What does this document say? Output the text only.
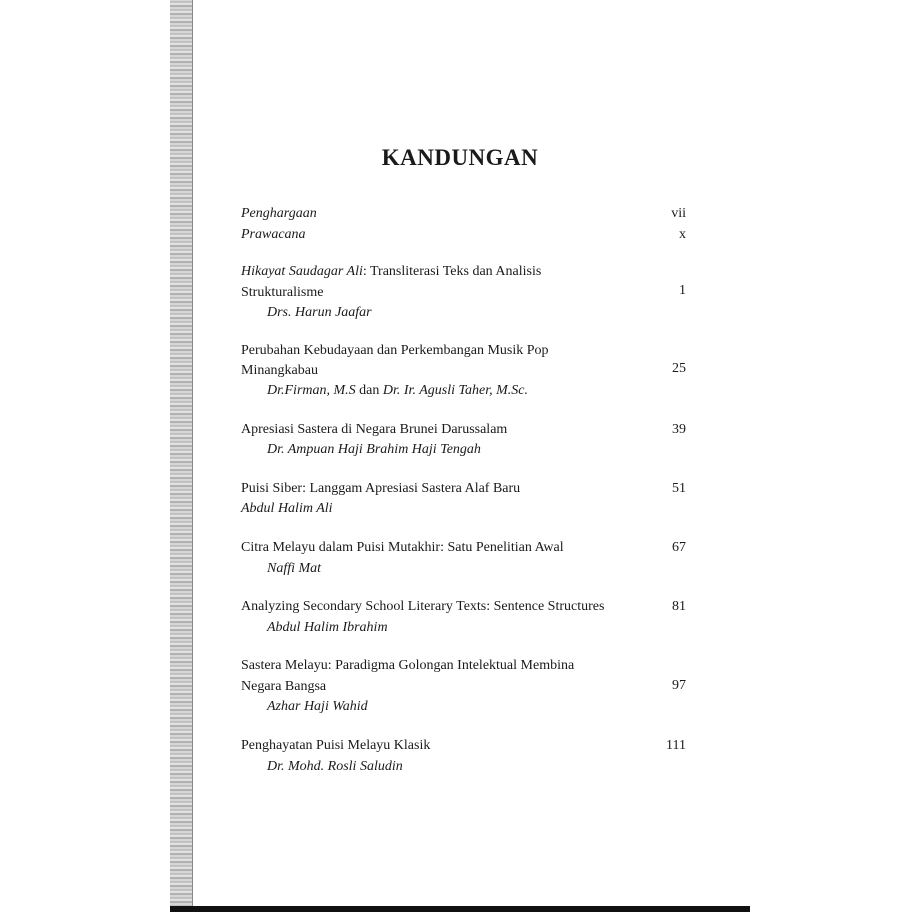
KANDUNGAN
Penghargaan	vii
Prawacana	x
Hikayat Saudagar Ali: Transliterasi Teks dan Analisis
Strukturalisme
Drs. Harun Jaafar
1
Perubahan Kebudayaan dan Perkembangan Musik Pop
Minangkabau
Dr.Firman, M.S dan Dr. Ir. Agusli Taher, M.Sc.
25
Apresiasi Sastera di Negara Brunei Darussalam
Dr. Ampuan Haji Brahim Haji Tengah
39
Puisi Siber: Langgam Apresiasi Sastera Alaf Baru
Abdul Halim Ali
51
Citra Melayu dalam Puisi Mutakhir: Satu Penelitian Awal
Naffi Mat
67
Analyzing Secondary School Literary Texts: Sentence Structures
Abdul Halim Ibrahim
81
Sastera Melayu: Paradigma Golongan Intelektual Membina
Negara Bangsa
Azhar Haji Wahid
97
Penghayatan Puisi Melayu Klasik
Dr. Mohd. Rosli Saludin
111
